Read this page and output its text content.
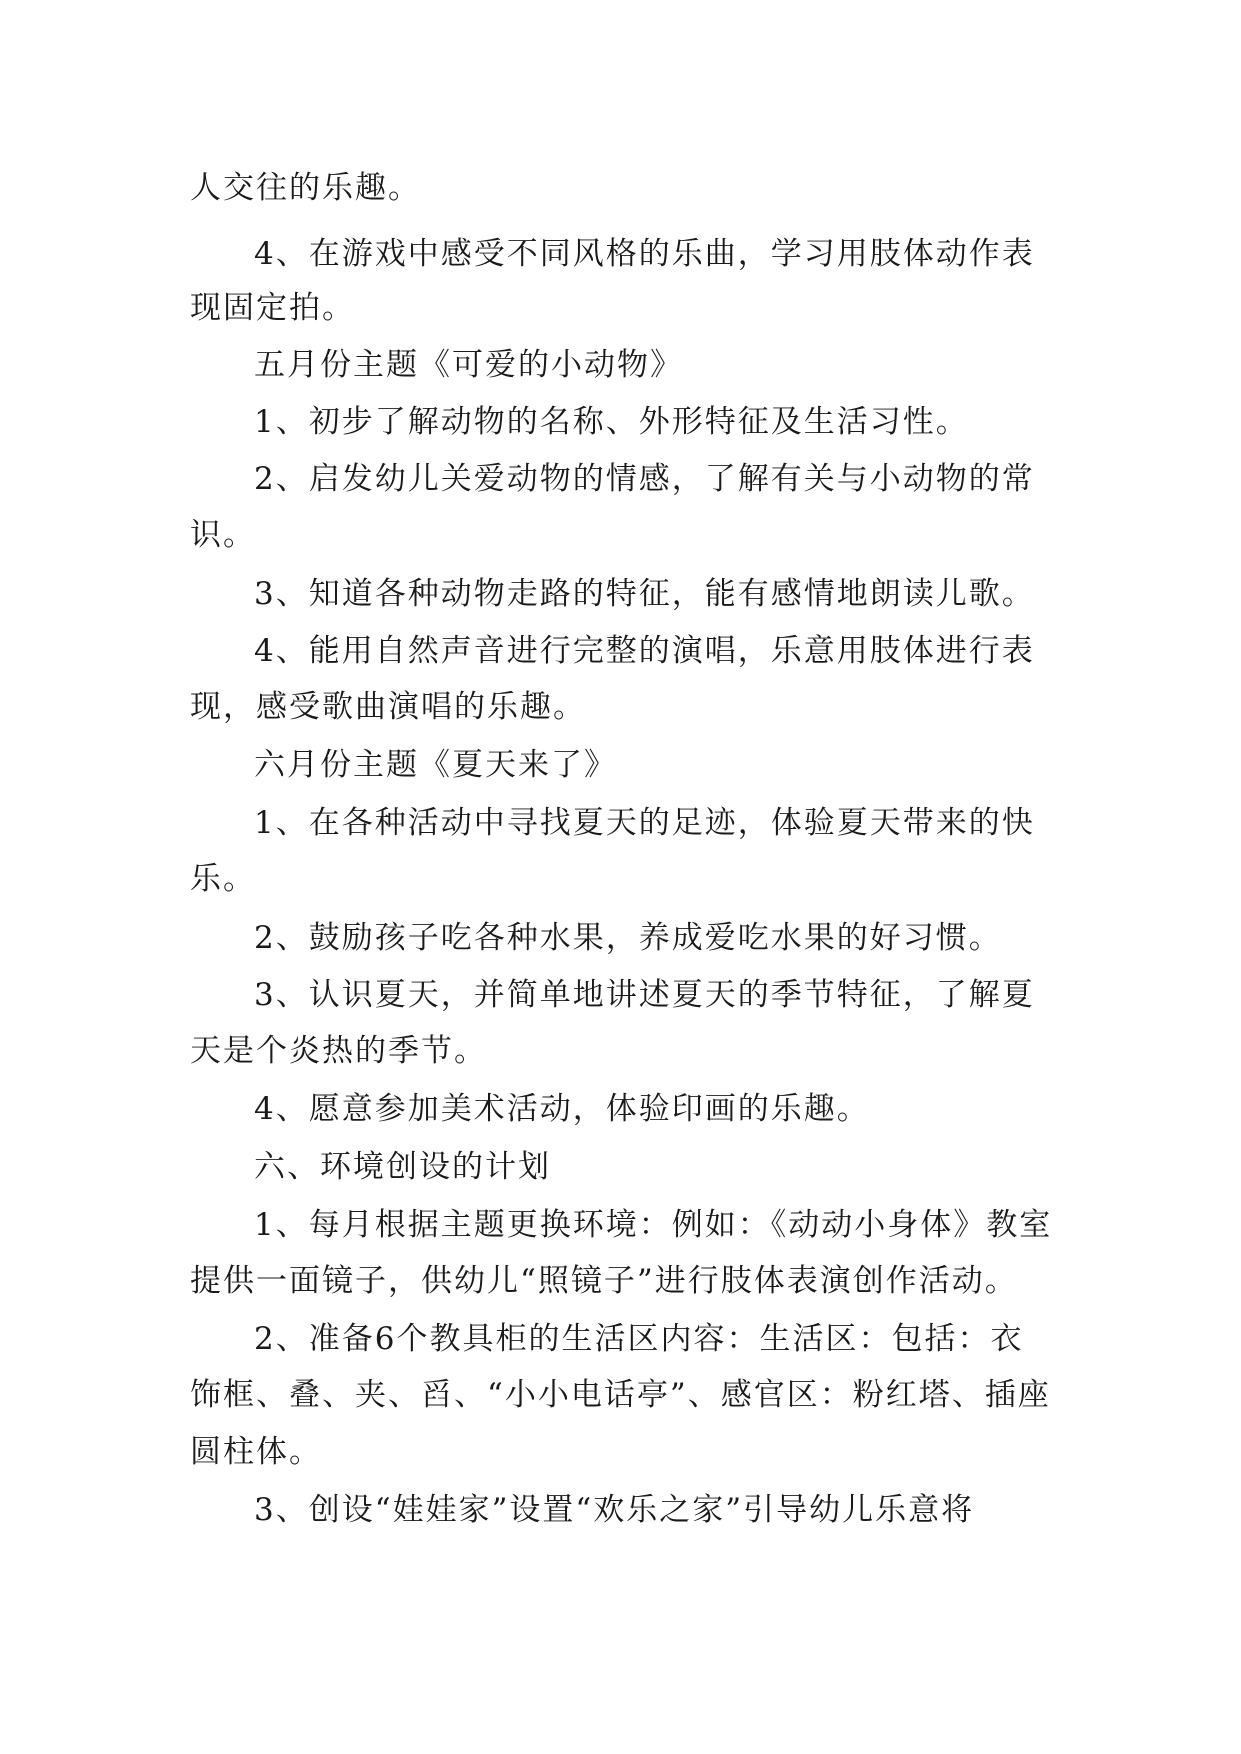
人交往的乐趣。
4、在游戏中感受不同风格的乐曲，学习用肢体动作表
现固定拍。
五月份主题《可爱的小动物》
1、初步了解动物的名称、外形特征及生活习性。
2、启发幼儿关爱动物的情感，了解有关与小动物的常
识。
3、知道各种动物走路的特征，能有感情地朗读儿歌。
4、能用自然声音进行完整的演唱，乐意用肢体进行表
现，感受歌曲演唱的乐趣。
六月份主题《夏天来了》
1、在各种活动中寻找夏天的足迹，体验夏天带来的快
乐。
2、鼓励孩子吃各种水果，养成爱吃水果的好习惯。
3、认识夏天，并简单地讲述夏天的季节特征，了解夏
天是个炎热的季节。
4、愿意参加美术活动，体验印画的乐趣。
六、环境创设的计划
1、每月根据主题更换环境：例如：《动动小身体》教室
提供一面镜子，供幼儿“照镜子”进行肢体表演创作活动。
2、准备6个教具柜的生活区内容：生活区：包括：衣
饰框、叠、夹、舀、“小小电话亭”、感官区：粉红塔、插座
圆柱体。
3、创设“娃娃家”设置“欢乐之家”引导幼儿乐意将
